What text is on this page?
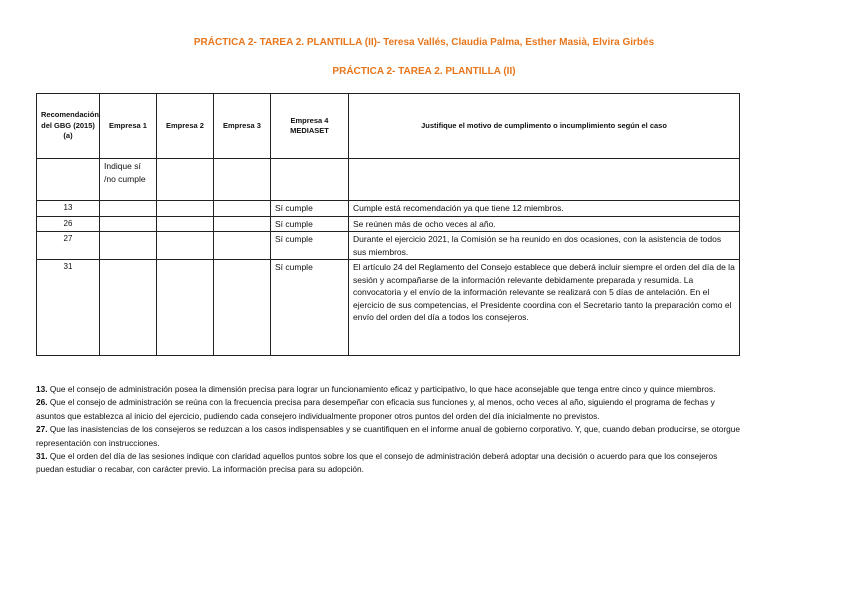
PRÁCTICA 2- TAREA 2. PLANTILLA (II)- Teresa Vallés, Claudia Palma, Esther Masià, Elvira Girbés
PRÁCTICA 2- TAREA 2. PLANTILLA (II)
Recomendación del GBG (2015) (a)	Empresa 1	Empresa 2	Empresa 3	Empresa 4 MEDIASET	Justifique el motivo de cumplimento o incumplimiento según el caso
	Indique sí /no cumple				
13				Sí cumple	Cumple está recomendación ya que tiene 12 miembros.
26				Sí cumple	Se reúnen más de ocho veces al año.
27				Sí cumple	Durante el ejercicio 2021, la Comisión se ha reunido en dos ocasiones, con la asistencia de todos sus miembros.
31				Sí cumple	El artículo 24 del Reglamento del Consejo establece que deberá incluir siempre el orden del día de la sesión y acompañarse de la información relevante debidamente preparada y resumida. La convocatoria y el envío de la información relevante se realizará con 5 días de antelación. En el ejercicio de sus competencias, el Presidente coordina con el Secretario tanto la preparación como el envío del orden del día a todos los consejeros.

13. Que el consejo de administración posea la dimensión precisa para lograr un funcionamiento eficaz y participativo, lo que hace aconsejable que tenga entre cinco y quince miembros.

26. Que el consejo de administración se reúna con la frecuencia precisa para desempeñar con eficacia sus funciones y, al menos, ocho veces al año, siguiendo el programa de fechas y asuntos que establezca al inicio del ejercicio, pudiendo cada consejero individualmente proponer otros puntos del orden del día inicialmente no previstos.

27. Que las inasistencias de los consejeros se reduzcan a los casos indispensables y se cuantifiquen en el informe anual de gobierno corporativo. Y, que, cuando deban producirse, se otorgue representación con instrucciones.

31. Que el orden del día de las sesiones indique con claridad aquellos puntos sobre los que el consejo de administración deberá adoptar una decisión o acuerdo para que los consejeros puedan estudiar o recabar, con carácter previo. La información precisa para su adopción.
